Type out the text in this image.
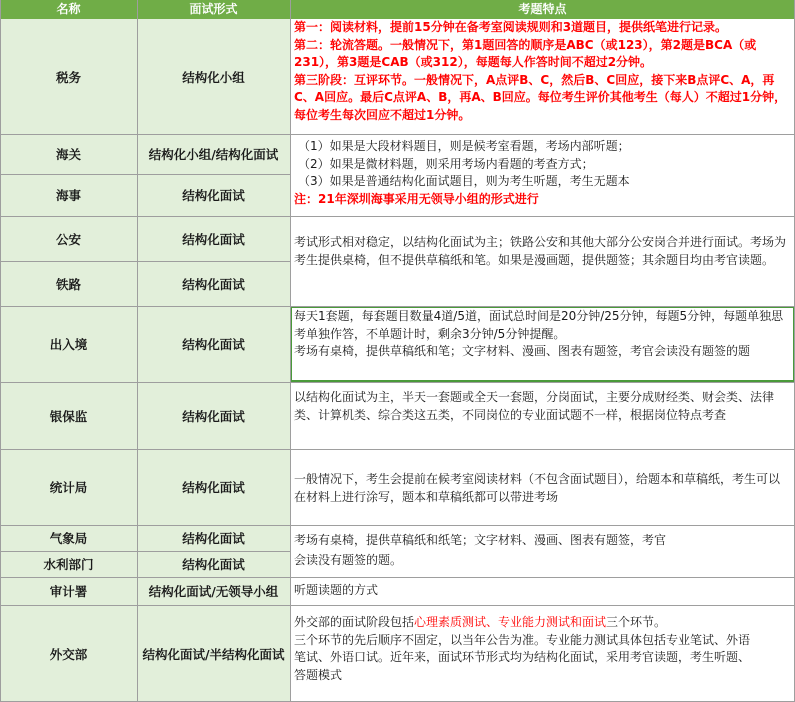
名称	面试形式	考题特点
税务
海关
海事
公安
铁路
出入境
银保监
统计局
气象局
水利部门
审计署
外交部
结构化小组
结构化小组/结构化面试
结构化面试
结构化面试
结构化面试
结构化面试
结构化面试
结构化面试
结构化面试
结构化面试
结构化面试/无领导小组
结构化面试/半结构化面试

第一：阅读材料，提前15分钟在备考室阅读规则和3道题目，提供纸笔进行记录。

第二：轮流答题。一般情况下，第1题回答的顺序是ABC（或123），第2题是BCA（或231），第3题是CAB（或312），每题每人作答时间不超过2分钟。

第三阶段：互评环节。一般情况下，A点评B、C，然后B、C回应，接下来B点评C、A，再C、A回应。最后C点评A、B，再A、B回应。每位考生评价其他考生（每人）不超过1分钟，每位考生每次回应不超过1分钟。

（1）如果是大段材料题目，则是候考室看题，考场内部听题；

（2）如果是微材料题，则采用考场内看题的考查方式；

（3）如果是普通结构化面试题目，则为考生听题，考生无题本

注：21年深圳海事采用无领导小组的形式进行

考试形式相对稳定，以结构化面试为主；铁路公安和其他大部分公安岗合并进行面试。考场为考生提供桌椅，但不提供草稿纸和笔。如果是漫画题，提供题签；其余题目均由考官读题。

每天1套题，每套题目数量4道/5道，面试总时间是20分钟/25分钟，每题5分钟，每题单独思考单独作答，不单题计时，剩余3分钟/5分钟提醒。

考场有桌椅，提供草稿纸和笔；文字材料、漫画、图表有题签，考官会读没有题签的题

以结构化面试为主，半天一套题或全天一套题，分岗面试，主要分成财经类、财会类、法律类、计算机类、综合类这五类，不同岗位的专业面试题不一样，根据岗位特点考查

一般情况下，考生会提前在候考室阅读材料（不包含面试题目），给题本和草稿纸，考生可以在材料上进行涂写，题本和草稿纸都可以带进考场

考场有桌椅，提供草稿纸和纸笔；文字材料、漫画、图表有题签，考官会读没有题签的题。

听题读题的方式

外交部的面试阶段包括心理素质测试、专业能力测试和面试三个环节。

三个环节的先后顺序不固定，以当年公告为准。专业能力测试具体包括专业笔试、外语笔试、外语口试。近年来，面试环节形式均为结构化面试，采用考官读题，考生听题、答题模式
